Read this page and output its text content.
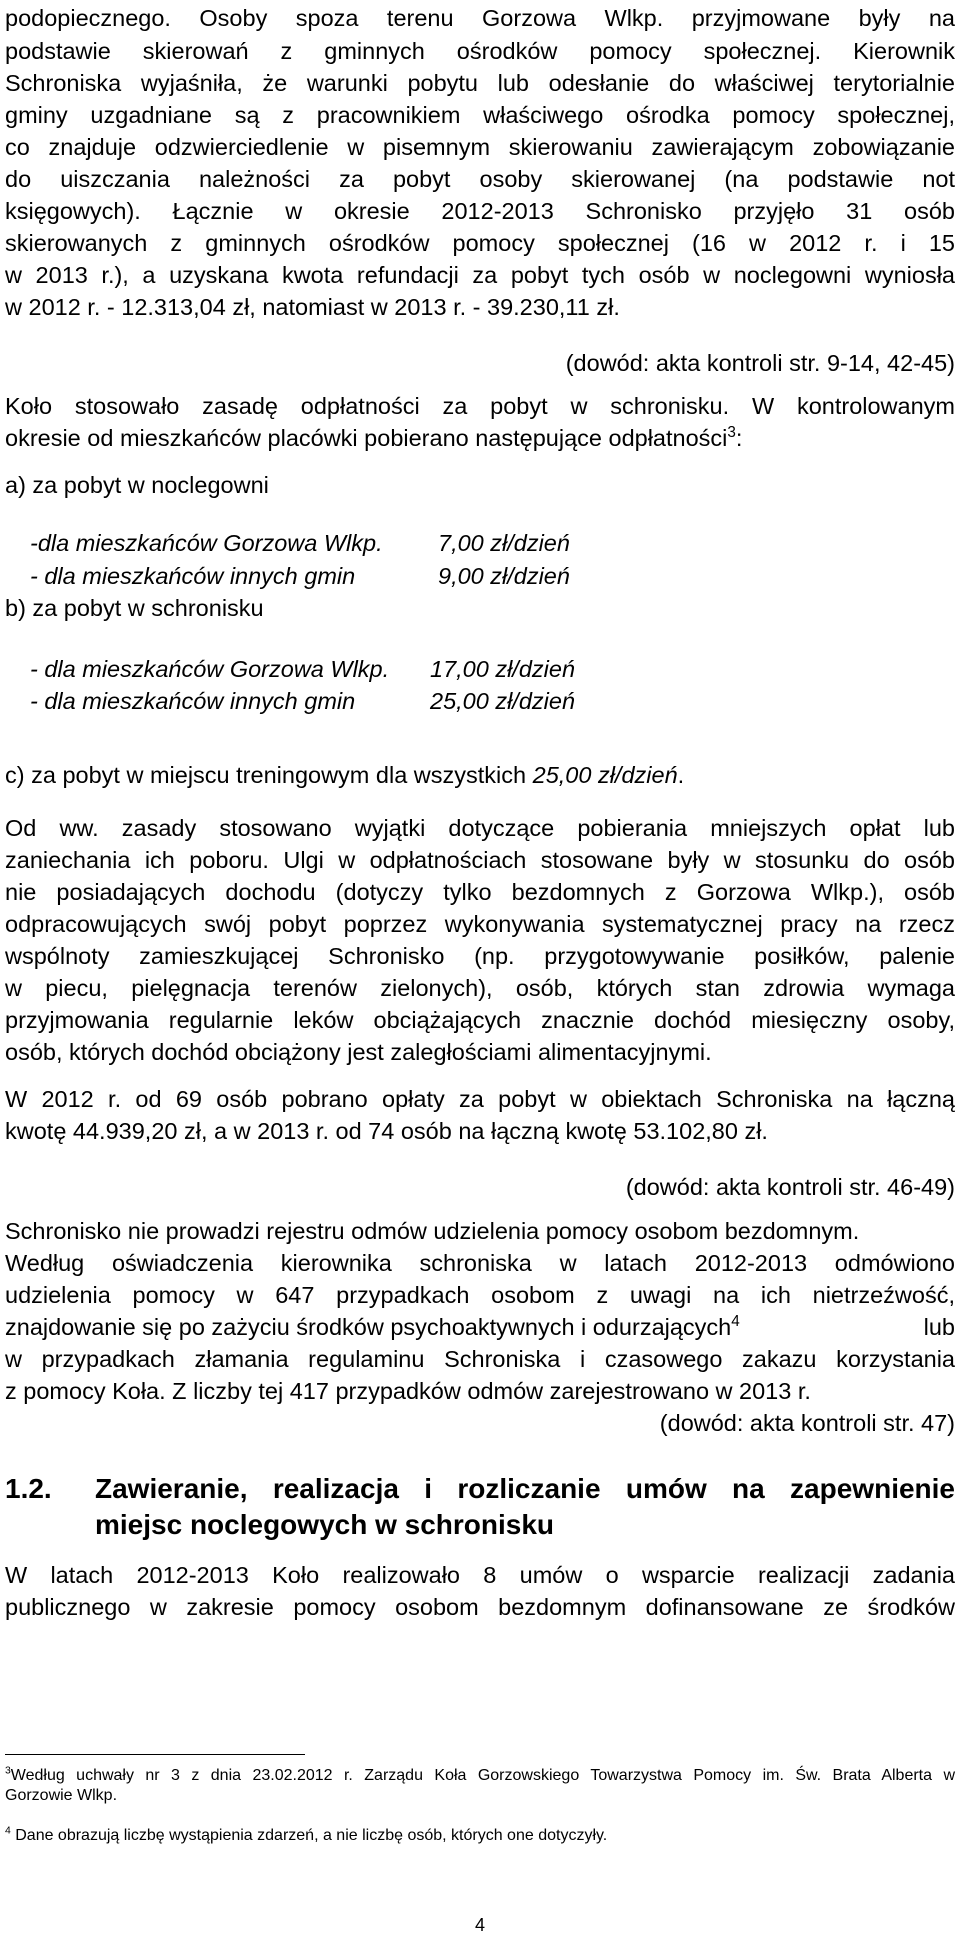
podopiecznego. Osoby spoza terenu Gorzowa Wlkp. przyjmowane były na
podstawie skierowań z gminnych ośrodków pomocy społecznej. Kierownik
Schroniska wyjaśniła, że warunki pobytu lub odesłanie do właściwej terytorialnie
gminy uzgadniane są z pracownikiem właściwego ośrodka pomocy społecznej,
co znajduje odzwierciedlenie w pisemnym skierowaniu zawierającym zobowiązanie
do uiszczania należności za pobyt osoby skierowanej (na podstawie not
księgowych). Łącznie w okresie 2012-2013 Schronisko przyjęło 31 osób
skierowanych z gminnych ośrodków pomocy społecznej (16 w 2012 r. i 15
w 2013 r.), a uzyskana kwota refundacji za pobyt tych osób w noclegowni wyniosła
w 2012 r. - 12.313,04 zł, natomiast w 2013 r. - 39.230,11 zł.
(dowód: akta kontroli str. 9-14, 42-45)
Koło stosowało zasadę odpłatności za pobyt w schronisku. W kontrolowanym
okresie od mieszkańców placówki pobierano następujące odpłatności$^3$:
a) za pobyt w noclegowni
-dla mieszkańców Gorzowa Wlkp. 7,00 zł/dzień
- dla mieszkańców innych gmin	9,00 zł/dzień
b) za pobyt w schronisku
- dla mieszkańców Gorzowa Wlkp. 17,00 zł/dzień
- dla mieszkańców innych gmin	25,00 zł/dzień
c) za pobyt w miejscu treningowym dla wszystkich 25,00 zł/dzień.
Od ww. zasady stosowano wyjątki dotyczące pobierania mniejszych opłat lub
zaniechania ich poboru. Ulgi w odpłatnościach stosowane były w stosunku do osób
nie posiadających dochodu (dotyczy tylko bezdomnych z Gorzowa Wlkp.), osób
odpracowujących swój pobyt poprzez wykonywania systematycznej pracy na rzecz
wspólnoty zamieszkującej Schronisko (np. przygotowywanie posiłków, palenie
w piecu, pielęgnacja terenów zielonych), osób, których stan zdrowia wymaga
przyjmowania regularnie leków obciążających znacznie dochód miesięczny osoby,
osób, których dochód obciążony jest zaległościami alimentacyjnymi.
W 2012 r. od 69 osób pobrano opłaty za pobyt w obiektach Schroniska na łączną
kwotę 44.939,20 zł, a w 2013 r. od 74 osób na łączną kwotę 53.102,80 zł.
(dowód: akta kontroli str. 46-49)
Schronisko nie prowadzi rejestru odmów udzielenia pomocy osobom bezdomnym.
Według oświadczenia kierownika schroniska w latach 2012-2013 odmówiono
udzielenia pomocy w 647 przypadkach osobom z uwagi na ich nietrzeźwość,
znajdowanie się po zażyciu środków psychoaktywnych i odurzających$^4$	lub
w przypadkach złamania regulaminu Schroniska i czasowego zakazu korzystania
z pomocy Koła. Z liczby tej 417 przypadków odmów zarejestrowano w 2013 r.
(dowód: akta kontroli str. 47)
1.2. Zawieranie, realizacja i rozliczanie umów na zapewnienie
miejsc noclegowych w schronisku
W latach 2012-2013 Koło realizowało 8 umów o wsparcie realizacji zadania
publicznego w zakresie pomocy osobom bezdomnym dofinansowane ze środków
$^3$ Według uchwały nr 3 z dnia 23.02.2012 r. Zarządu Koła Gorzowskiego Towarzystwa Pomocy im. Św. Brata Alberta w
Gorzowie Wlkp.
$^4$ Dane obrazują liczbę wystąpienia zdarzeń, a nie liczbę osób, których one dotyczyły.
4
